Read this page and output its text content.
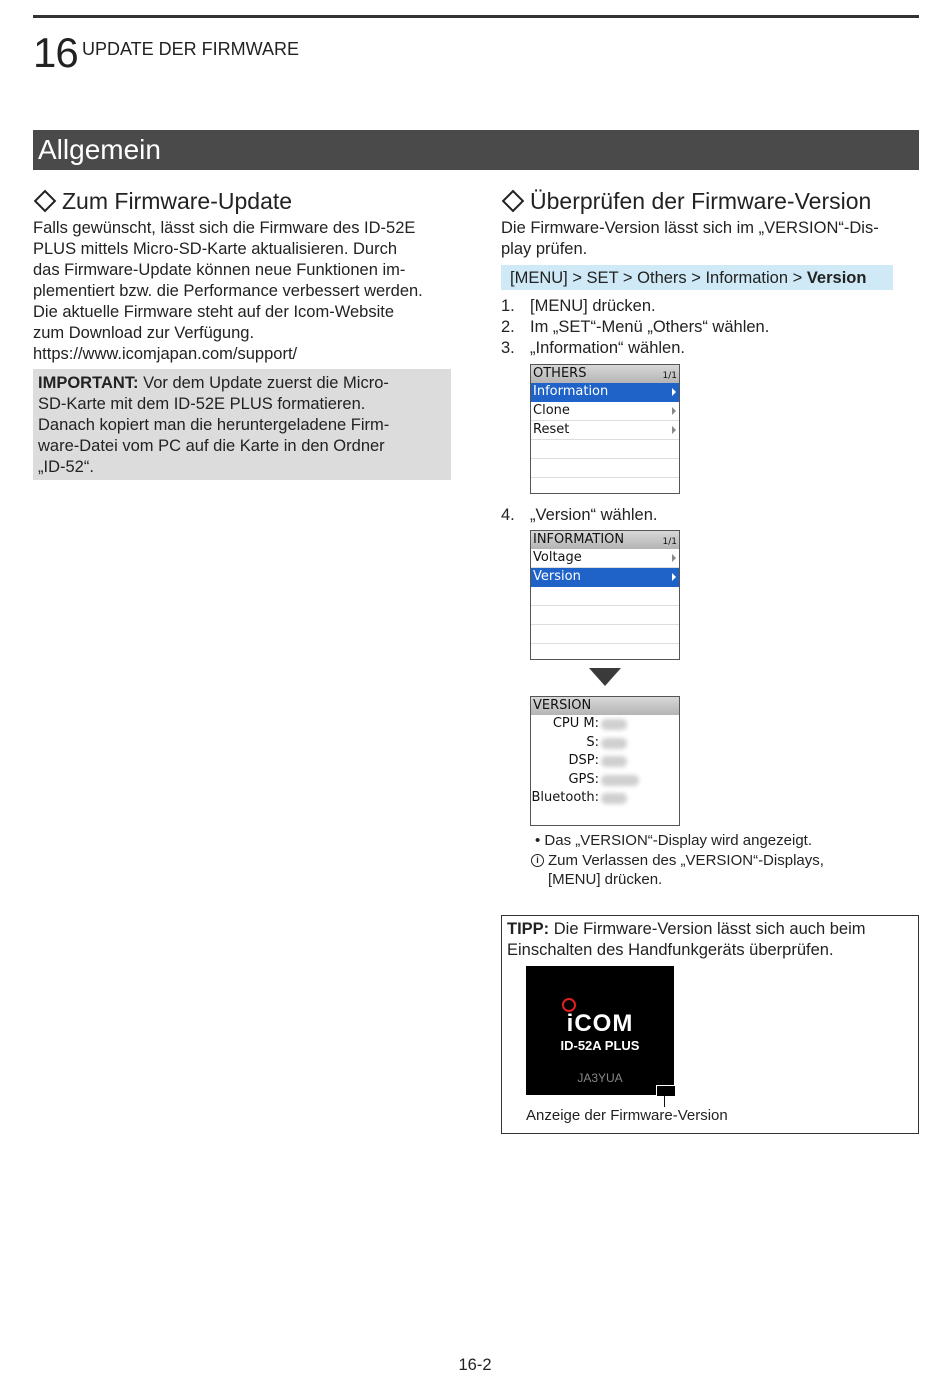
16 UPDATE DER FIRMWARE
Allgemein
Zum Firmware-Update
Falls gewünscht, lässt sich die Firmware des ID-52E
PLUS mittels Micro-SD-Karte aktualisieren. Durch
das Firmware-Update können neue Funktionen im-
plementiert bzw. die Performance verbessert werden.
Die aktuelle Firmware steht auf der Icom-Website
zum Download zur Verfügung.
https://www.icomjapan.com/support/
IMPORTANT: Vor dem Update zuerst die Micro-
SD-Karte mit dem ID-52E PLUS formatieren.
Danach kopiert man die heruntergeladene Firm-
ware-Datei vom PC auf die Karte in den Ordner
„ID-52“.
Überprüfen der Firmware-Version
Die Firmware-Version lässt sich im „VERSION“-Dis-
play prüfen.
[MENU] > SET > Others > Information > Version
1. [MENU] drücken.
2. Im „SET“-Menü „Others“ wählen.
3. „Information“ wählen.
OTHERS	1/1
Information
Clone
Reset
4. „Version“ wählen.
INFORMATION	1/1
Voltage
Version
VERSION
CPU M:
S:
DSP:
GPS:
Bluetooth:
• Das „VERSION“-Display wird angezeigt.
i Zum Verlassen des „VERSION“-Displays,
[MENU] drücken.
TIPP: Die Firmware-Version lässt sich auch beim
Einschalten des Handfunkgeräts überprüfen.
iCOM
ID-52A PLUS
JA3YUA
Anzeige der Firmware-Version
16-2
